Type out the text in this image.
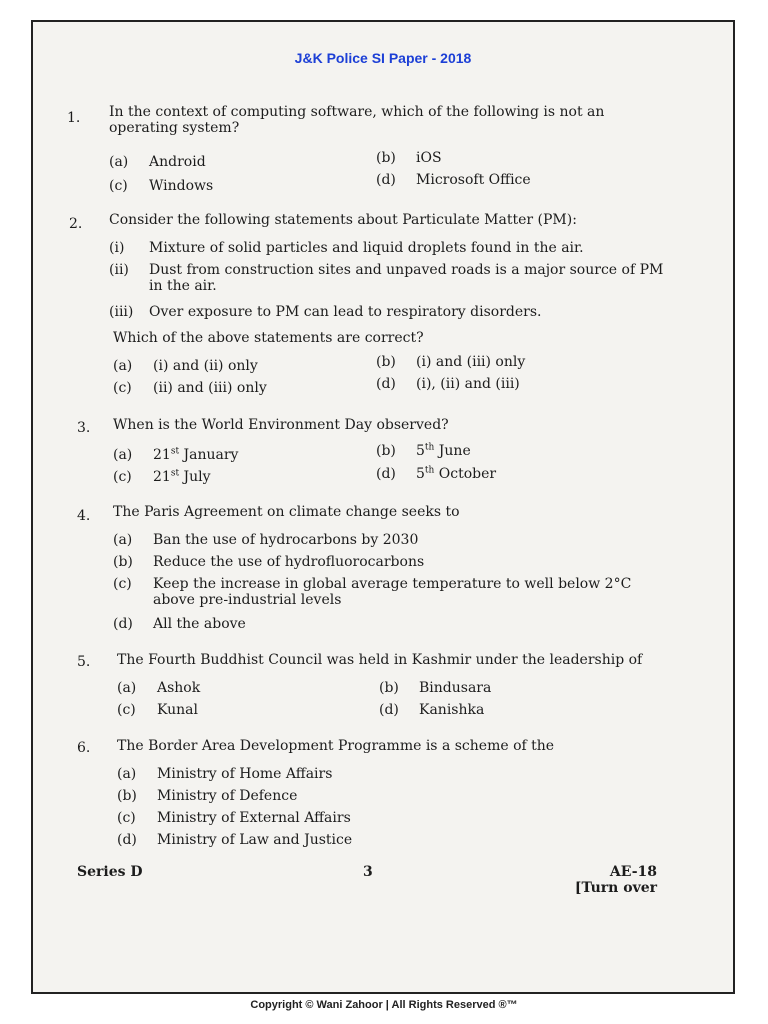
J&K Police SI Paper - 2018
1. In the context of computing software, which of the following is not an operating system?
(a) Android	(b) iOS
(c) Windows	(d) Microsoft Office
2. Consider the following statements about Particulate Matter (PM):
(i) Mixture of solid particles and liquid droplets found in the air.
(ii) Dust from construction sites and unpaved roads is a major source of PM in the air.
(iii) Over exposure to PM can lead to respiratory disorders.
Which of the above statements are correct?
(a) (i) and (ii) only	(b) (i) and (iii) only
(c) (ii) and (iii) only	(d) (i), (ii) and (iii)
3. When is the World Environment Day observed?
(a) 21st January	(b) 5th June
(c) 21st July	(d) 5th October
4. The Paris Agreement on climate change seeks to
(a) Ban the use of hydrocarbons by 2030
(b) Reduce the use of hydrofluorocarbons
(c) Keep the increase in global average temperature to well below 2°C above pre-industrial levels
(d) All the above
5. The Fourth Buddhist Council was held in Kashmir under the leadership of
(a) Ashok	(b) Bindusara
(c) Kunal	(d) Kanishka
6. The Border Area Development Programme is a scheme of the
(a) Ministry of Home Affairs
(b) Ministry of Defence
(c) Ministry of External Affairs
(d) Ministry of Law and Justice
Series D	3	AE-18
[Turn over
Copyright © Wani Zahoor | All Rights Reserved ®™
